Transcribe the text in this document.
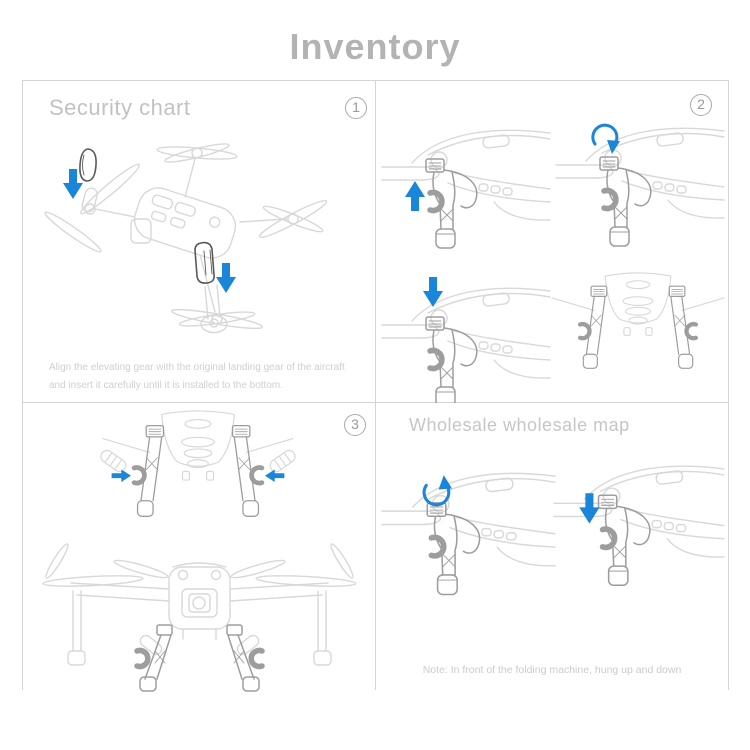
Inventory
Security chart	1
Align the elevating gear with the original landing gear of the aircraft
and insert it carefully until it is installed to the bottom.
2
3	Wholesale wholesale map
Note: In front of the folding machine, hung up and down
